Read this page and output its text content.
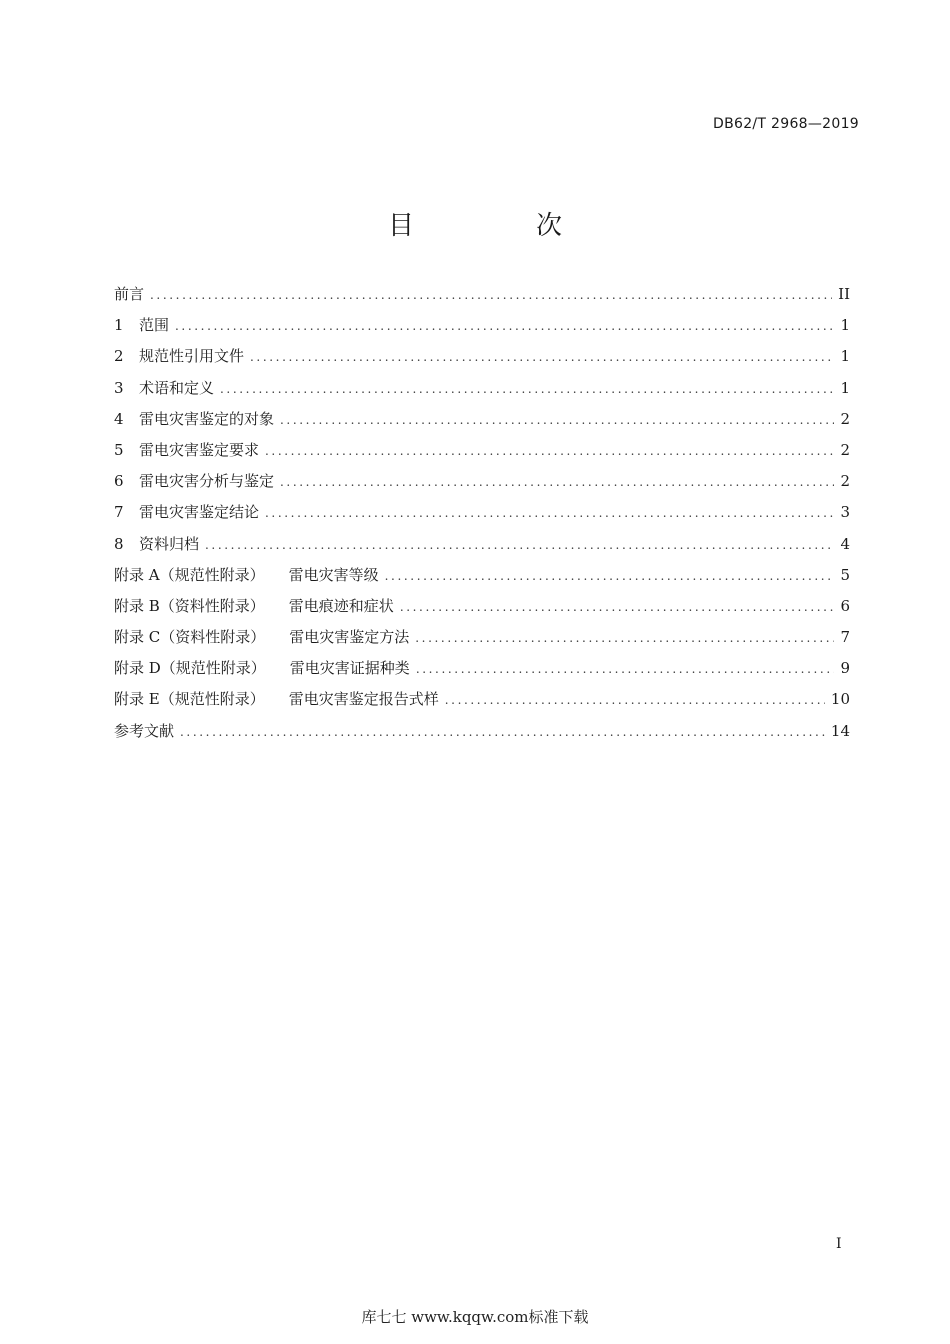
DB62/T 2968—2019
目　次
前言 .....	II
1 范围 .....	1
2 规范性引用文件 .....	1
3 术语和定义 .....	1
4 雷电灾害鉴定的对象 .....	2
5 雷电灾害鉴定要求 .....	2
6 雷电灾害分析与鉴定 .....	2
7 雷电灾害鉴定结论 .....	3
8 资料归档 .....	4
附录 A（规范性附录） 雷电灾害等级 .....	5
附录 B（资料性附录） 雷电痕迹和症状 .....	6
附录 C（资料性附录） 雷电灾害鉴定方法 .....	7
附录 D（规范性附录） 雷电灾害证据种类 .....	9
附录 E（规范性附录） 雷电灾害鉴定报告式样 .....	10
参考文献 .....	14
I
库七七 www.kqqw.com标准下载
